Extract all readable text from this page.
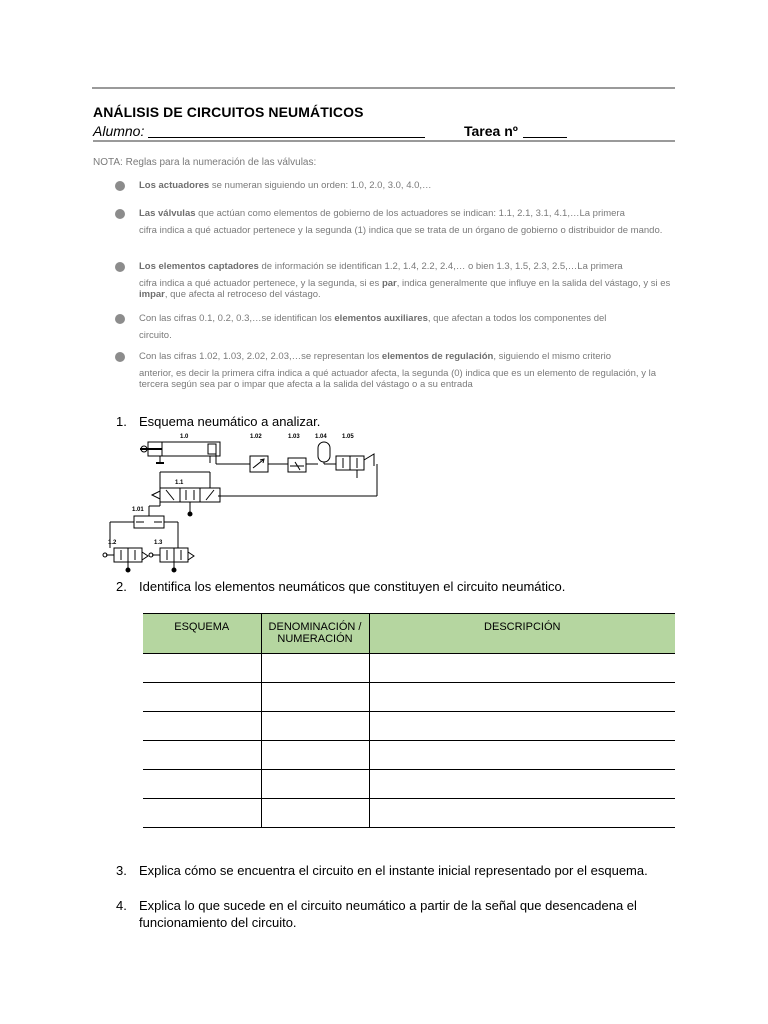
ANÁLISIS DE CIRCUITOS NEUMÁTICOS
Alumno:	Tarea nº
NOTA: Reglas para la numeración de las válvulas:
Los actuadores se numeran siguiendo un orden: 1.0, 2.0, 3.0, 4.0,…
Las válvulas que actúan como elementos de gobierno de los actuadores se indican: 1.1, 2.1, 3.1, 4.1,…La primera
cifra indica a qué actuador pertenece y la segunda (1) indica que se trata de un órgano de gobierno o distribuidor de mando.
Los elementos captadores de información se identifican 1.2, 1.4, 2.2, 2.4,… o bien 1.3, 1.5, 2.3, 2.5,…La primera
cifra indica a qué actuador pertenece, y la segunda, si es par, indica generalmente que influye en la salida del vástago, y si es impar, que afecta al retroceso del vástago.
Con las cifras 0.1, 0.2, 0.3,…se identifican los elementos auxiliares, que afectan a todos los componentes del
circuito.
Con las cifras 1.02, 1.03, 2.02, 2.03,…se representan los elementos de regulación, siguiendo el mismo criterio
anterior, es decir la primera cifra indica a qué actuador afecta, la segunda (0) indica que es un elemento de regulación, y la tercera según sea par o impar que afecta a la salida del vástago o a su entrada
1. Esquema neumático a analizar.
1.0	1.02	1.03	1.04	1.05
1.1
1.01
1.2	1.3
2. Identifica los elementos neumáticos que constituyen el circuito neumático.
ESQUEMA	DENOMINACIÓN / NUMERACIÓN	DESCRIPCIÓN

3. Explica cómo se encuentra el circuito en el instante inicial representado por el esquema.
4. Explica lo que sucede en el circuito neumático a partir de la señal que desencadena el funcionamiento del circuito.
